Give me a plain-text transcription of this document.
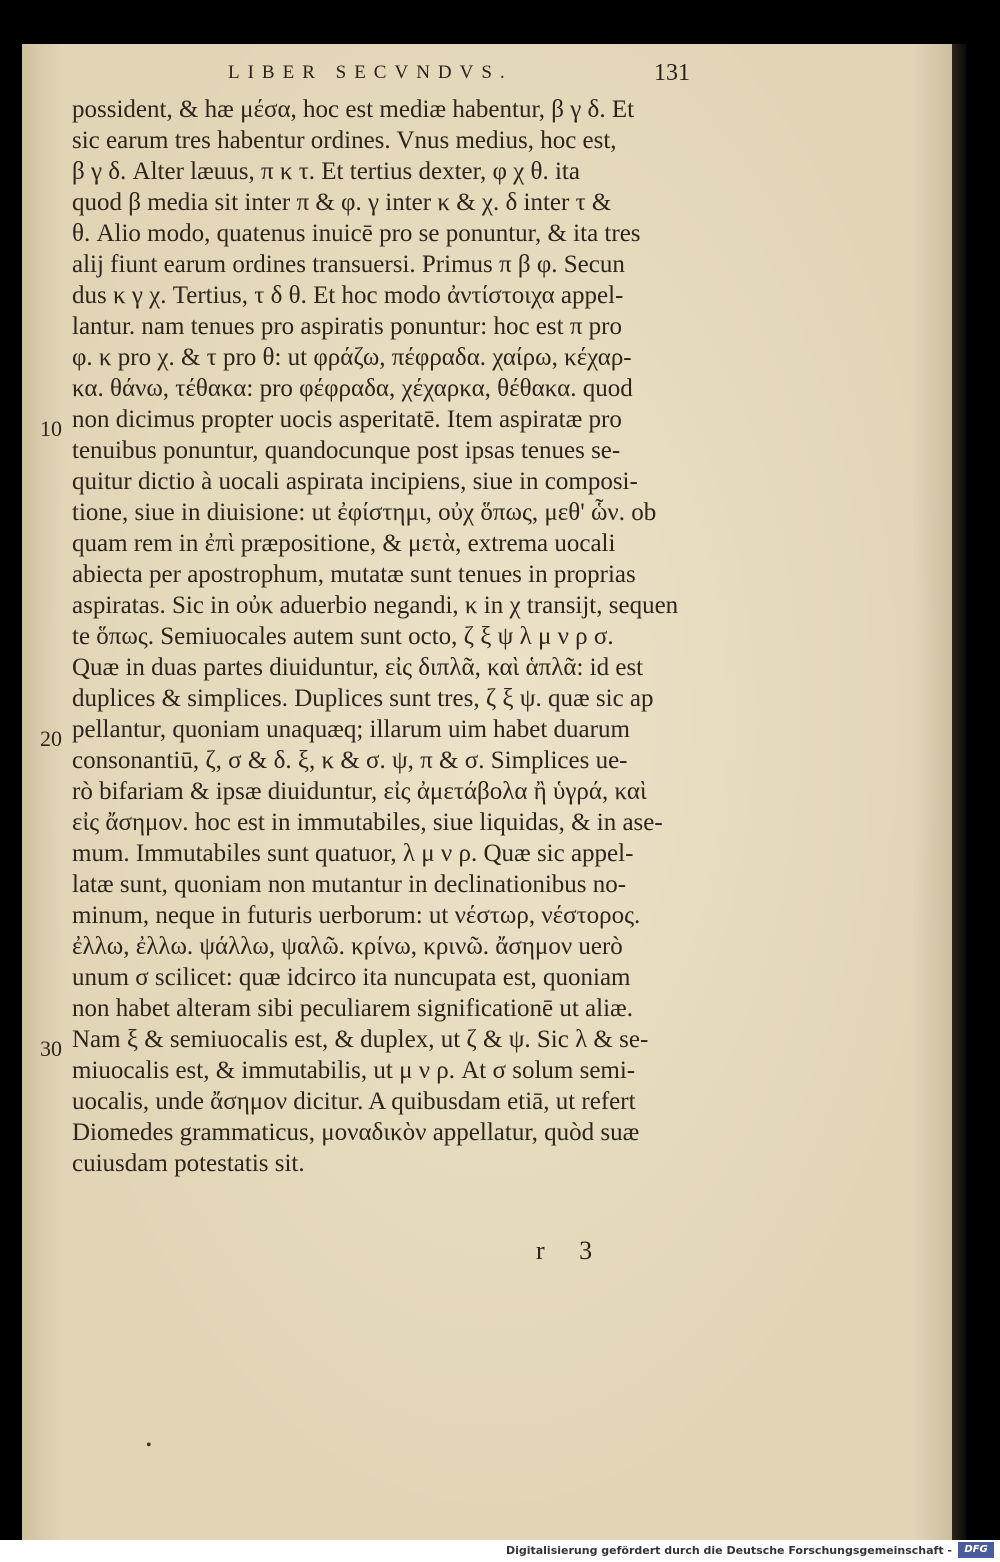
LIBER SECVNDVS.	131
10
20
30
possident, & hæ μέσα, hoc est mediæ habentur, β γ δ. Et
sic earum tres habentur ordines. Vnus medius, hoc est,
β γ δ. Alter læuus, π κ τ. Et tertius dexter, φ χ θ. ita
quod β media sit inter π & φ. γ inter κ & χ. δ inter τ &
θ. Alio modo, quatenus inuicē pro se ponuntur, & ita tres
alij fiunt earum ordines transuersi. Primus π β φ. Secun
dus κ γ χ. Tertius, τ δ θ. Et hoc modo ἀντίστοιχα appel-
lantur. nam tenues pro aspiratis ponuntur: hoc est π pro
φ. κ pro χ. & τ pro θ: ut φράζω, πέφραδα. χαίρω, κέχαρ-
κα. θάνω, τέθακα: pro φέφραδα, χέχαρκα, θέθακα. quod
non dicimus propter uocis asperitatē. Item aspiratæ pro
tenuibus ponuntur, quandocunque post ipsas tenues se-
quitur dictio à uocali aspirata incipiens, siue in composi-
tione, siue in diuisione: ut ἐφίστημι, οὐχ ὅπως, μεθ' ὧν. ob
quam rem in ἐπὶ præpositione, & μετὰ, extrema uocali
abiecta per apostrophum, mutatæ sunt tenues in proprias
aspiratas. Sic in οὐκ aduerbio negandi, κ in χ transijt, sequen
te ὅπως. Semiuocales autem sunt octo, ζ ξ ψ λ μ ν ρ σ.
Quæ in duas partes diuiduntur, εἰς διπλᾶ, καὶ ἁπλᾶ: id est
duplices & simplices. Duplices sunt tres, ζ ξ ψ. quæ sic ap
pellantur, quoniam unaquæq; illarum uim habet duarum
consonantiū, ζ, σ & δ. ξ, κ & σ. ψ, π & σ. Simplices ue-
rò bifariam & ipsæ diuiduntur, εἰς ἀμετάβολα ἢ ὑγρά, καὶ
εἰς ἄσημον. hoc est in immutabiles, siue liquidas, & in ase-
mum. Immutabiles sunt quatuor, λ μ ν ρ. Quæ sic appel-
latæ sunt, quoniam non mutantur in declinationibus no-
minum, neque in futuris uerborum: ut νέστωρ, νέστορος.
ἐλλω, ἐλλω. ψάλλω, ψαλῶ. κρίνω, κρινῶ. ἄσημον uerò
unum σ scilicet: quæ idcirco ita nuncupata est, quoniam
non habet alteram sibi peculiarem significationē ut aliæ.
Nam ξ & semiuocalis est, & duplex, ut ζ & ψ. Sic λ & se-
miuocalis est, & immutabilis, ut μ ν ρ. At σ solum semi-
uocalis, unde ἄσημον dicitur. A quibusdam etiā, ut refert
Diomedes grammaticus, μοναδικὸν appellatur, quòd suæ
cuiusdam potestatis sit.
r 3
•
Digitalisierung gefördert durch die Deutsche Forschungsgemeinschaft -	DFG
